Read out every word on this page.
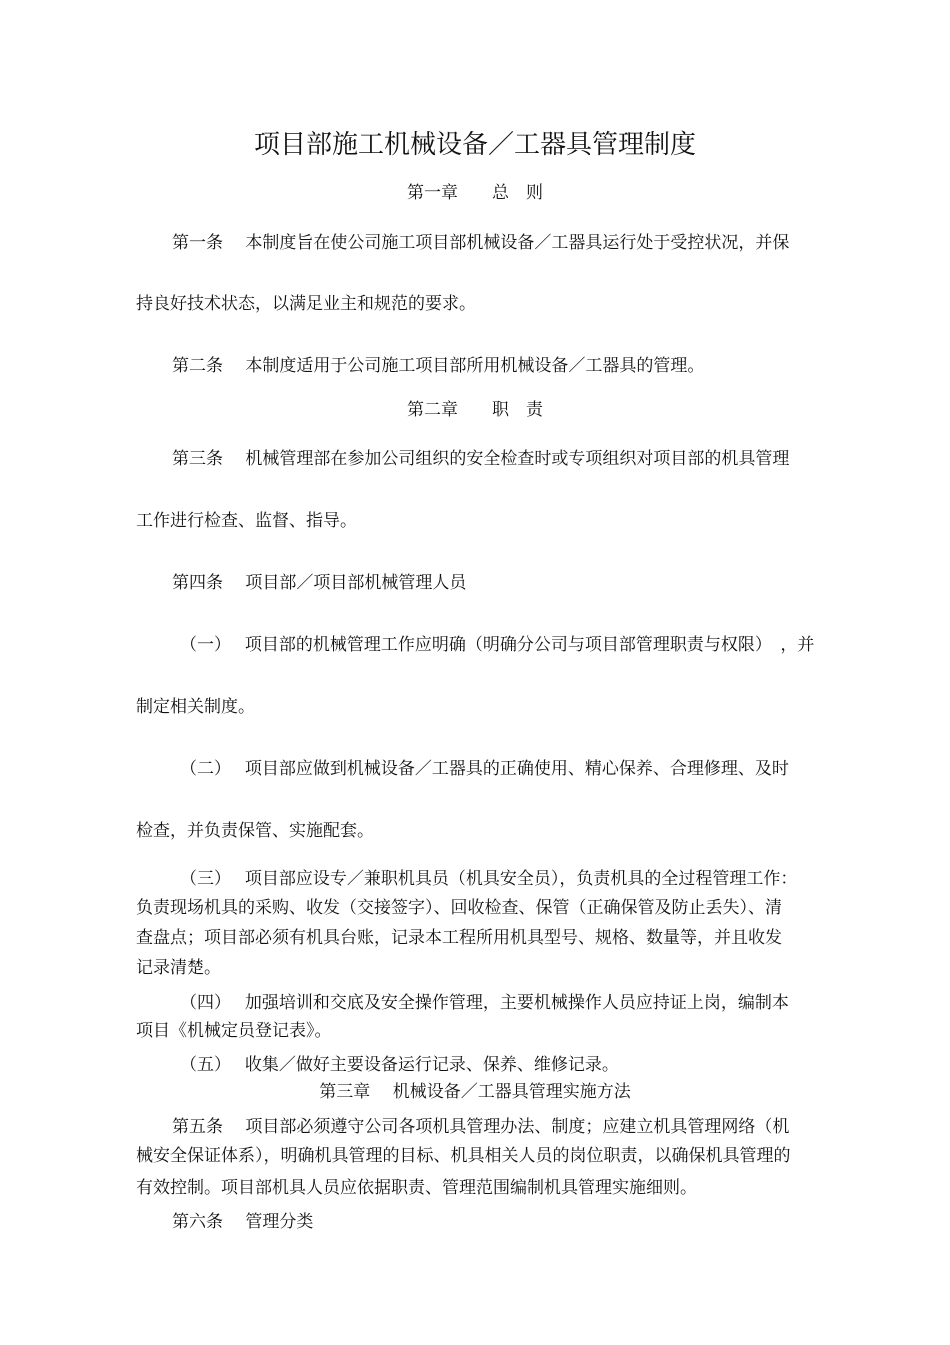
项目部施工机械设备／工器具管理制度
第一章　　总　则
第一条　 本制度旨在使公司施工项目部机械设备／工器具运行处于受控状况，并保
持良好技术状态，以满足业主和规范的要求。
第二条　 本制度适用于公司施工项目部所用机械设备／工器具的管理。
第二章　　职　责
第三条　 机械管理部在参加公司组织的安全检查时或专项组织对项目部的机具管理
工作进行检查、监督、指导。
第四条　 项目部／项目部机械管理人员
（一）　 项目部的机械管理工作应明确（明确分公司与项目部管理职责与权限）　，并
制定相关制度。
（二）　 项目部应做到机械设备／工器具的正确使用、精心保养、合理修理、及时
检查，并负责保管、实施配套。
（三）　 项目部应设专／兼职机具员（机具安全员），负责机具的全过程管理工作：
负责现场机具的采购、收发（交接签字）、回收检查、保管（正确保管及防止丢失）、清
查盘点；项目部必须有机具台账，记录本工程所用机具型号、规格、数量等，并且收发
记录清楚。
（四）　 加强培训和交底及安全操作管理，主要机械操作人员应持证上岗，编制本
项目《机械定员登记表》。
（五）　 收集／做好主要设备运行记录、保养、维修记录。
第三章　 机械设备／工器具管理实施方法
第五条　 项目部必须遵守公司各项机具管理办法、制度；应建立机具管理网络（机
械安全保证体系），明确机具管理的目标、机具相关人员的岗位职责，以确保机具管理的
有效控制。项目部机具人员应依据职责、管理范围编制机具管理实施细则。
第六条　 管理分类
